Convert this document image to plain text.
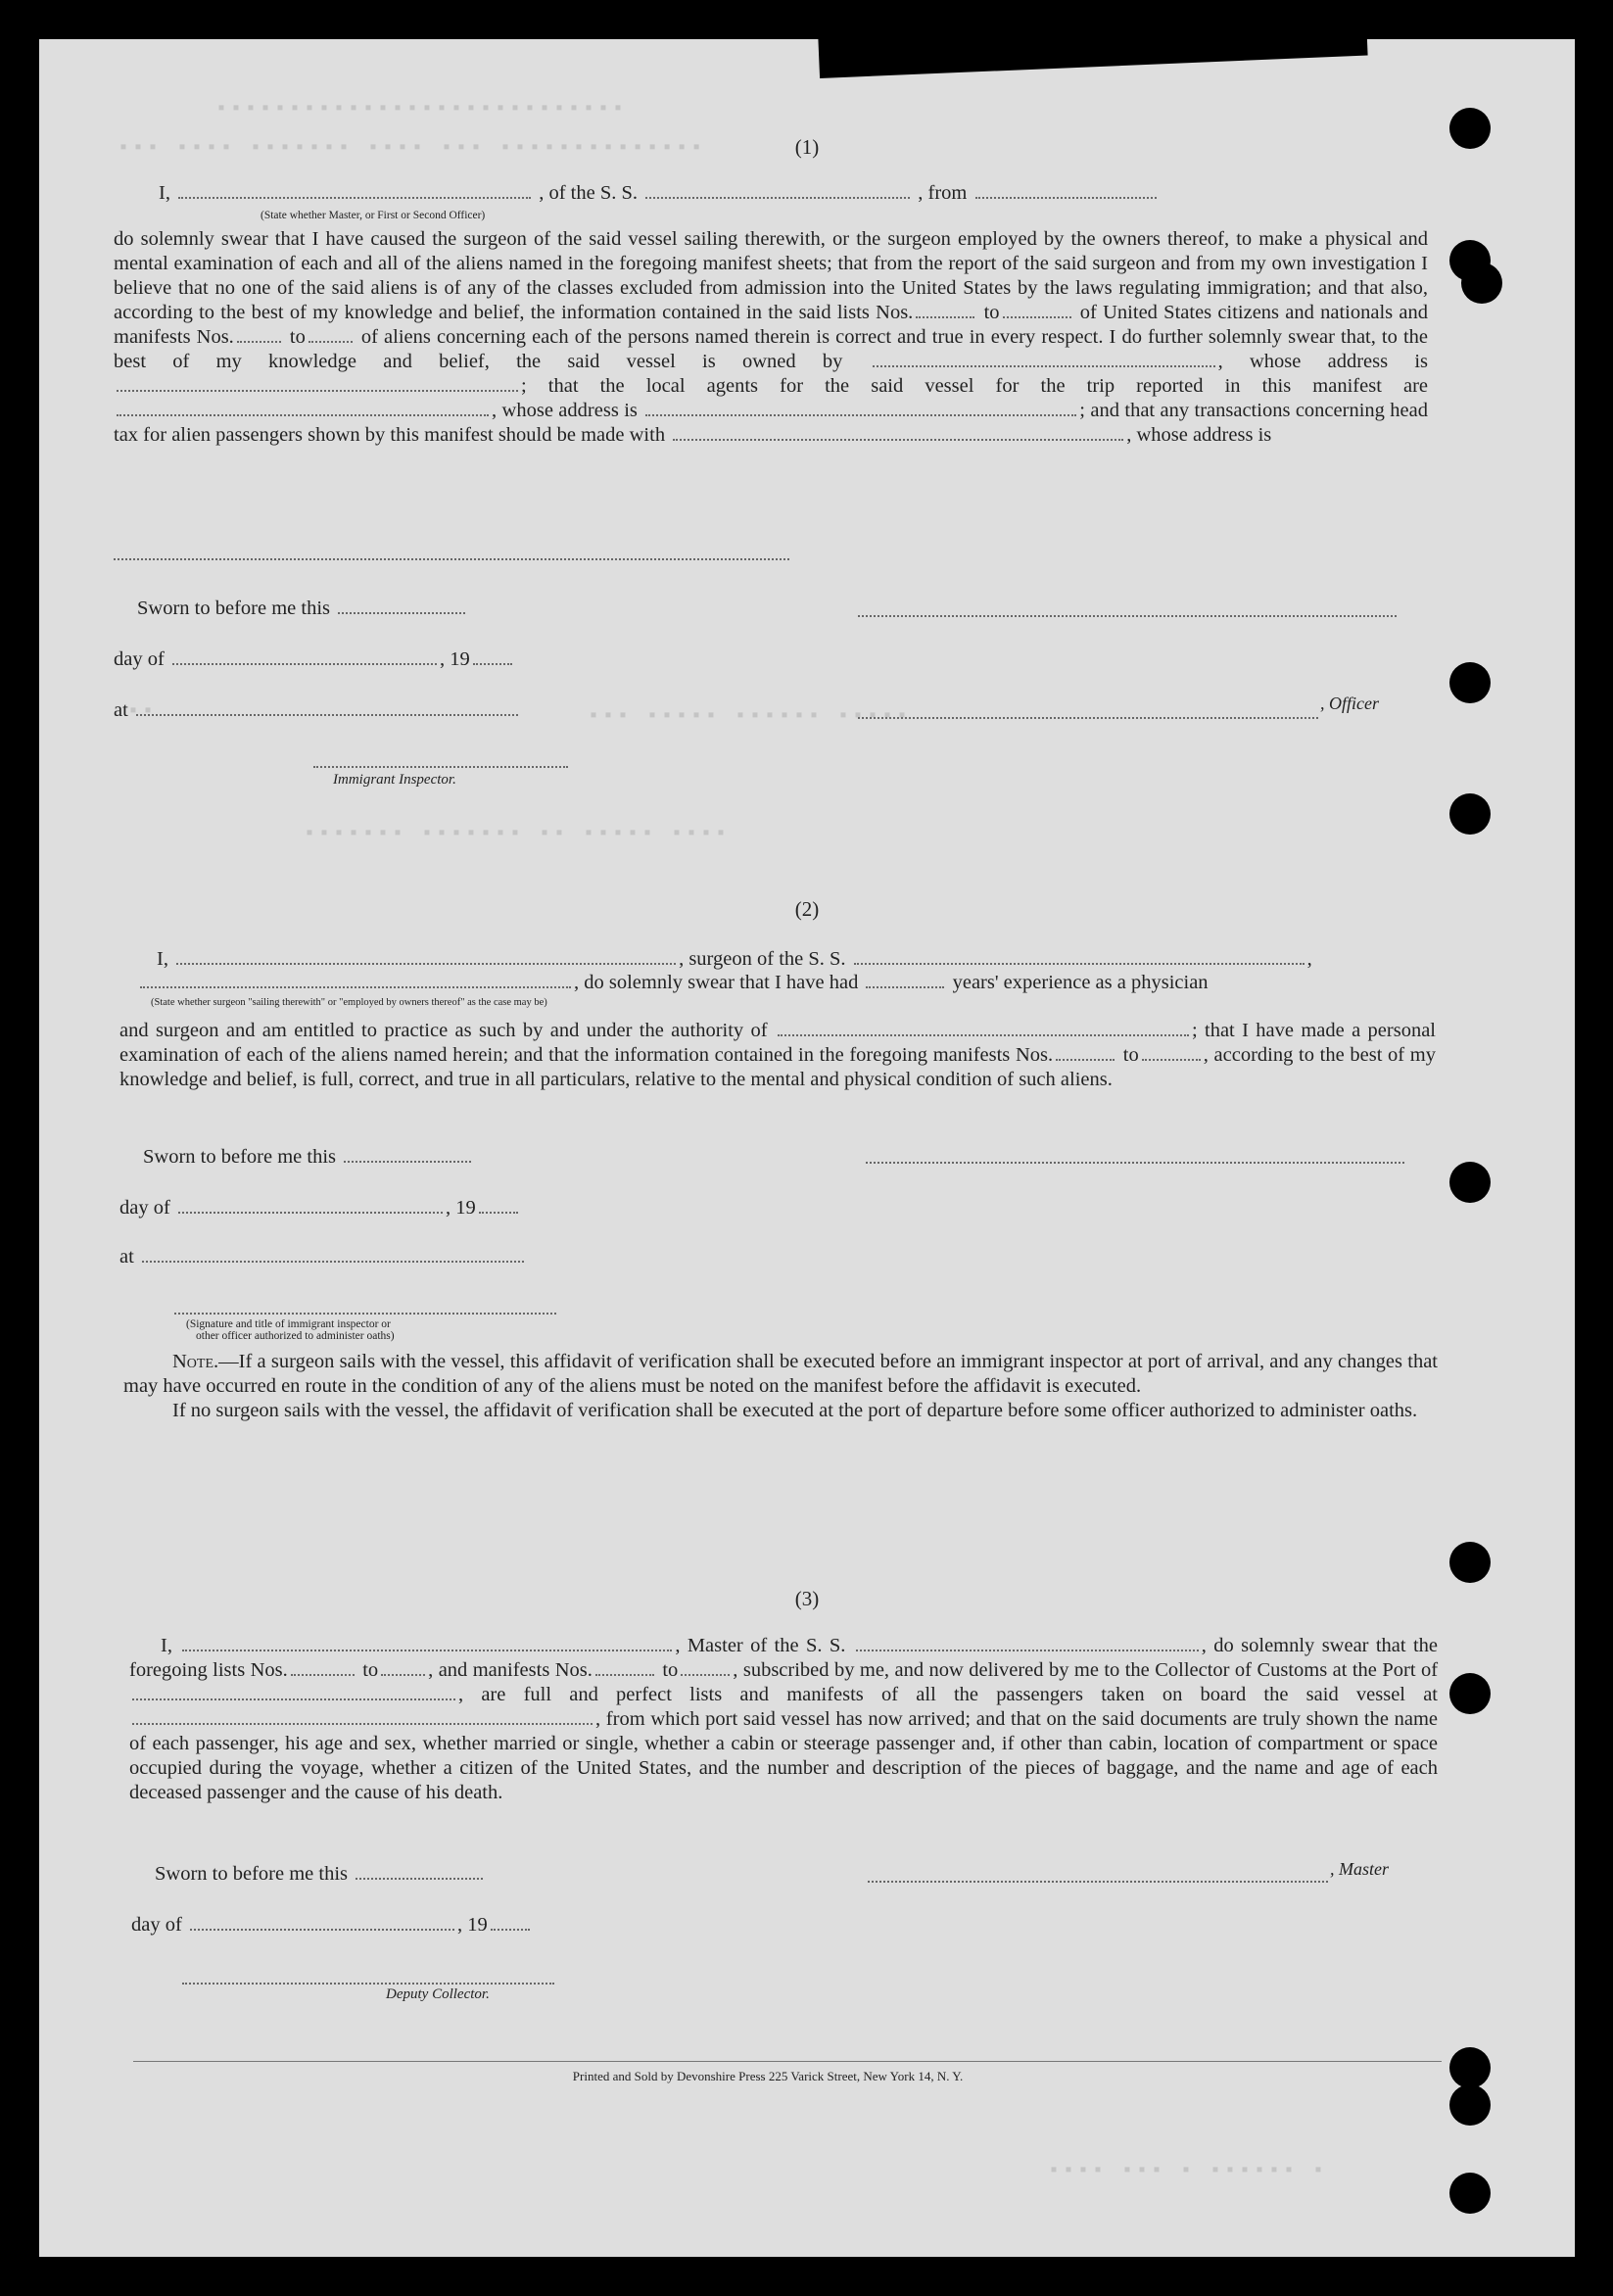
▪▪▪▪▪▪▪▪▪▪▪▪▪▪▪▪▪▪▪▪▪▪▪▪▪▪▪▪
▪▪▪ ▪▪▪▪ ▪▪▪▪▪▪▪ ▪▪▪▪ ▪▪▪ ▪▪▪▪▪▪▪▪▪▪▪▪▪▪
▪▪▪ ▪▪▪▪▪ ▪▪▪▪▪▪ ▪▪▪▪▪
▪▪
▪▪▪▪▪▪▪ ▪▪▪▪▪▪▪ ▪▪ ▪▪▪▪▪ ▪▪▪▪
▪▪▪▪ ▪▪▪ ▪ ▪▪▪▪▪▪ ▪
(1)
I,	, of the S. S.	, from
(State whether Master, or First or Second Officer)
do solemnly swear that I have caused the surgeon of the said vessel sailing therewith, or the surgeon employed by the owners thereof, to make a physical and mental examination of each and all of the aliens named in the foregoing manifest sheets; that from the report of the said surgeon and from my own investigation I believe that no one of the said aliens is of any of the classes excluded from admission into the United States by the laws regulating immigration; and that also, according to the best of my knowledge and belief, the information contained in the said lists Nos.	to	of United States citizens and nationals and manifests Nos.	to	of aliens concerning each of the persons named therein is correct and true in every respect. I do further solemnly swear that, to the best of my knowledge and belief, the said vessel is owned by	, whose address is ; that the local agents for the said vessel for the trip reported in this manifest are , whose address is	; and that any transactions concerning head tax for alien passengers shown by this manifest should be made with	, whose address is
Sworn to before me this
day of	, 19
at	, Officer
Immigrant Inspector.
(2)
I,	, surgeon of the S. S.	,
, do solemnly swear that I have had	years' experience as a physician
(State whether surgeon "sailing therewith" or "employed by owners thereof" as the case may be)
and surgeon and am entitled to practice as such by and under the authority of	; that I have made a personal examination of each of the aliens named herein; and that the information contained in the foregoing manifests Nos.	to	, according to the best of my knowledge and belief, is full, correct, and true in all particulars, relative to the mental and physical condition of such aliens.
Sworn to before me this
day of	, 19
at
(Signature and title of immigrant inspector or
other officer authorized to administer oaths)
Note.—If a surgeon sails with the vessel, this affidavit of verification shall be executed before an immigrant inspector at port of arrival, and any changes that may have occurred en route in the condition of any of the aliens must be noted on the manifest before the affidavit is executed.
If no surgeon sails with the vessel, the affidavit of verification shall be executed at the port of departure before some officer authorized to administer oaths.
(3)
I,	, Master of the S. S.	, do solemnly swear that the foregoing lists Nos.	to , and manifests Nos.	to	, subscribed by me, and now delivered by me to the Collector of Customs at the Port of , are full and perfect lists and manifests of all the passengers taken on board the said vessel at , from which port said vessel has now arrived; and that on the said documents are truly shown the name of each passenger, his age and sex, whether married or single, whether a cabin or steerage passenger and, if other than cabin, location of compartment or space occupied during the voyage, whether a citizen of the United States, and the number and description of the pieces of baggage, and the name and age of each deceased passenger and the cause of his death.
Sworn to before me this	, Master
day of	, 19
Deputy Collector.
Printed and Sold by Devonshire Press 225 Varick Street, New York 14, N. Y.
